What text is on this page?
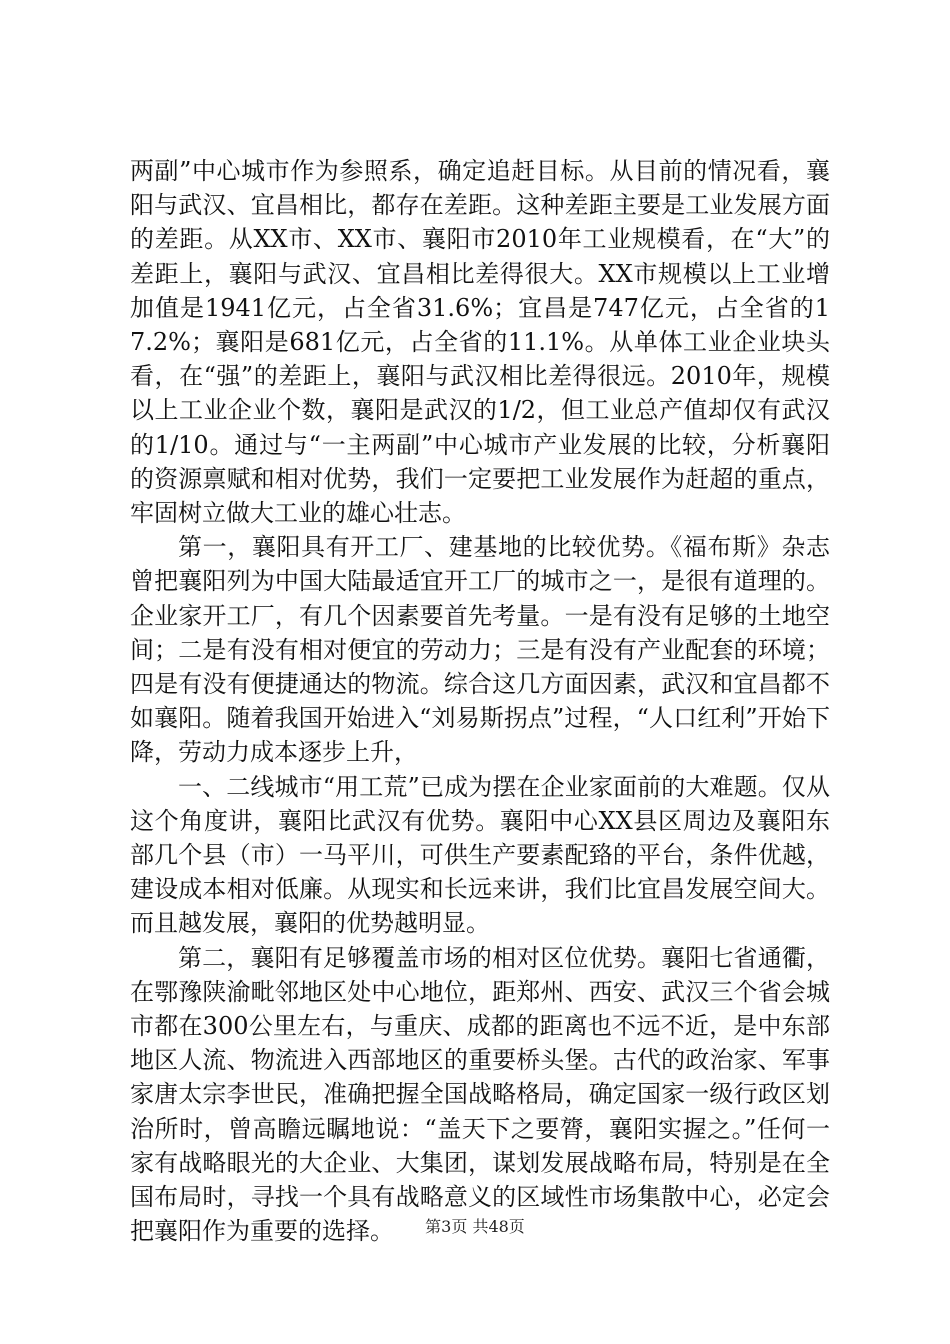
两副”中心城市作为参照系，确定追赶目标。从目前的情况看，襄阳与武汉、宜昌相比，都存在差距。这种差距主要是工业发展方面的差距。从XX市、XX市、襄阳市2010年工业规模看，在“大”的差距上，襄阳与武汉、宜昌相比差得很大。XX市规模以上工业增加值是1941亿元，占全省31.6%；宜昌是747亿元，占全省的17.2%；襄阳是681亿元，占全省的11.1%。从单体工业企业块头看，在“强”的差距上，襄阳与武汉相比差得很远。2010年，规模以上工业企业个数，襄阳是武汉的1/2，但工业总产值却仅有武汉的1/10。通过与“一主两副”中心城市产业发展的比较，分析襄阳的资源禀赋和相对优势，我们一定要把工业发展作为赶超的重点，牢固树立做大工业的雄心壮志。

第一，襄阳具有开工厂、建基地的比较优势。《福布斯》杂志曾把襄阳列为中国大陆最适宜开工厂的城市之一，是很有道理的。企业家开工厂，有几个因素要首先考量。一是有没有足够的土地空间；二是有没有相对便宜的劳动力；三是有没有产业配套的环境；四是有没有便捷通达的物流。综合这几方面因素，武汉和宜昌都不如襄阳。随着我国开始进入“刘易斯拐点”过程，“人口红利”开始下降，劳动力成本逐步上升，

一、二线城市“用工荒”已成为摆在企业家面前的大难题。仅从这个角度讲，襄阳比武汉有优势。襄阳中心XX县区周边及襄阳东部几个县（市）一马平川，可供生产要素配臵的平台，条件优越，建设成本相对低廉。从现实和长远来讲，我们比宜昌发展空间大。而且越发展，襄阳的优势越明显。

第二，襄阳有足够覆盖市场的相对区位优势。襄阳七省通衢，在鄂豫陕渝毗邻地区处中心地位，距郑州、西安、武汉三个省会城市都在300公里左右，与重庆、成都的距离也不远不近，是中东部地区人流、物流进入西部地区的重要桥头堡。古代的政治家、军事家唐太宗李世民，准确把握全国战略格局，确定国家一级行政区划治所时，曾高瞻远瞩地说：“盖天下之要膂，襄阳实握之。”任何一家有战略眼光的大企业、大集团，谋划发展战略布局，特别是在全国布局时，寻找一个具有战略意义的区域性市场集散中心，必定会把襄阳作为重要的选择。	第3页 共48页
